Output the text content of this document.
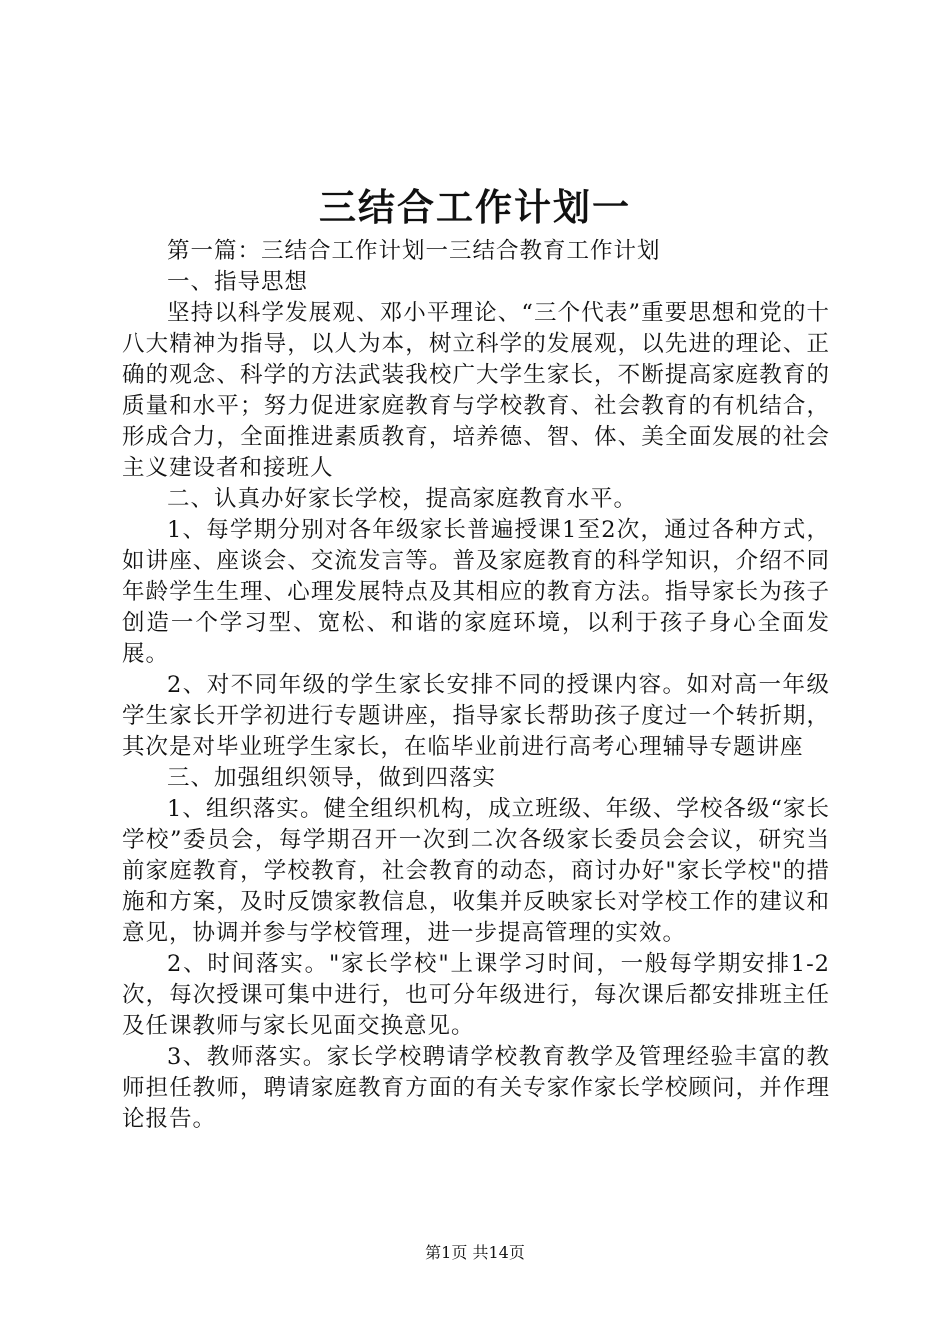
三结合工作计划一

第一篇：三结合工作计划一三结合教育工作计划

一、指导思想

坚持以科学发展观、邓小平理论、“三个代表”重要思想和党的十八大精神为指导，以人为本，树立科学的发展观，以先进的理论、正确的观念、科学的方法武装我校广大学生家长，不断提高家庭教育的质量和水平；努力促进家庭教育与学校教育、社会教育的有机结合，形成合力，全面推进素质教育，培养德、智、体、美全面发展的社会主义建设者和接班人

二、认真办好家长学校，提高家庭教育水平。

1、每学期分别对各年级家长普遍授课1至2次，通过各种方式，如讲座、座谈会、交流发言等。普及家庭教育的科学知识，介绍不同年龄学生生理、心理发展特点及其相应的教育方法。指导家长为孩子创造一个学习型、宽松、和谐的家庭环境，以利于孩子身心全面发展。

2、对不同年级的学生家长安排不同的授课内容。如对高一年级学生家长开学初进行专题讲座，指导家长帮助孩子度过一个转折期，其次是对毕业班学生家长，在临毕业前进行高考心理辅导专题讲座

三、加强组织领导，做到四落实

1、组织落实。健全组织机构，成立班级、年级、学校各级“家长学校”委员会，每学期召开一次到二次各级家长委员会会议，研究当前家庭教育，学校教育，社会教育的动态，商讨办好"家长学校"的措施和方案，及时反馈家教信息，收集并反映家长对学校工作的建议和意见，协调并参与学校管理，进一步提高管理的实效。

2、时间落实。"家长学校"上课学习时间，一般每学期安排1-2次，每次授课可集中进行，也可分年级进行，每次课后都安排班主任及任课教师与家长见面交换意见。

3、教师落实。家长学校聘请学校教育教学及管理经验丰富的教师担任教师，聘请家庭教育方面的有关专家作家长学校顾问，并作理论报告。

第1页 共14页
